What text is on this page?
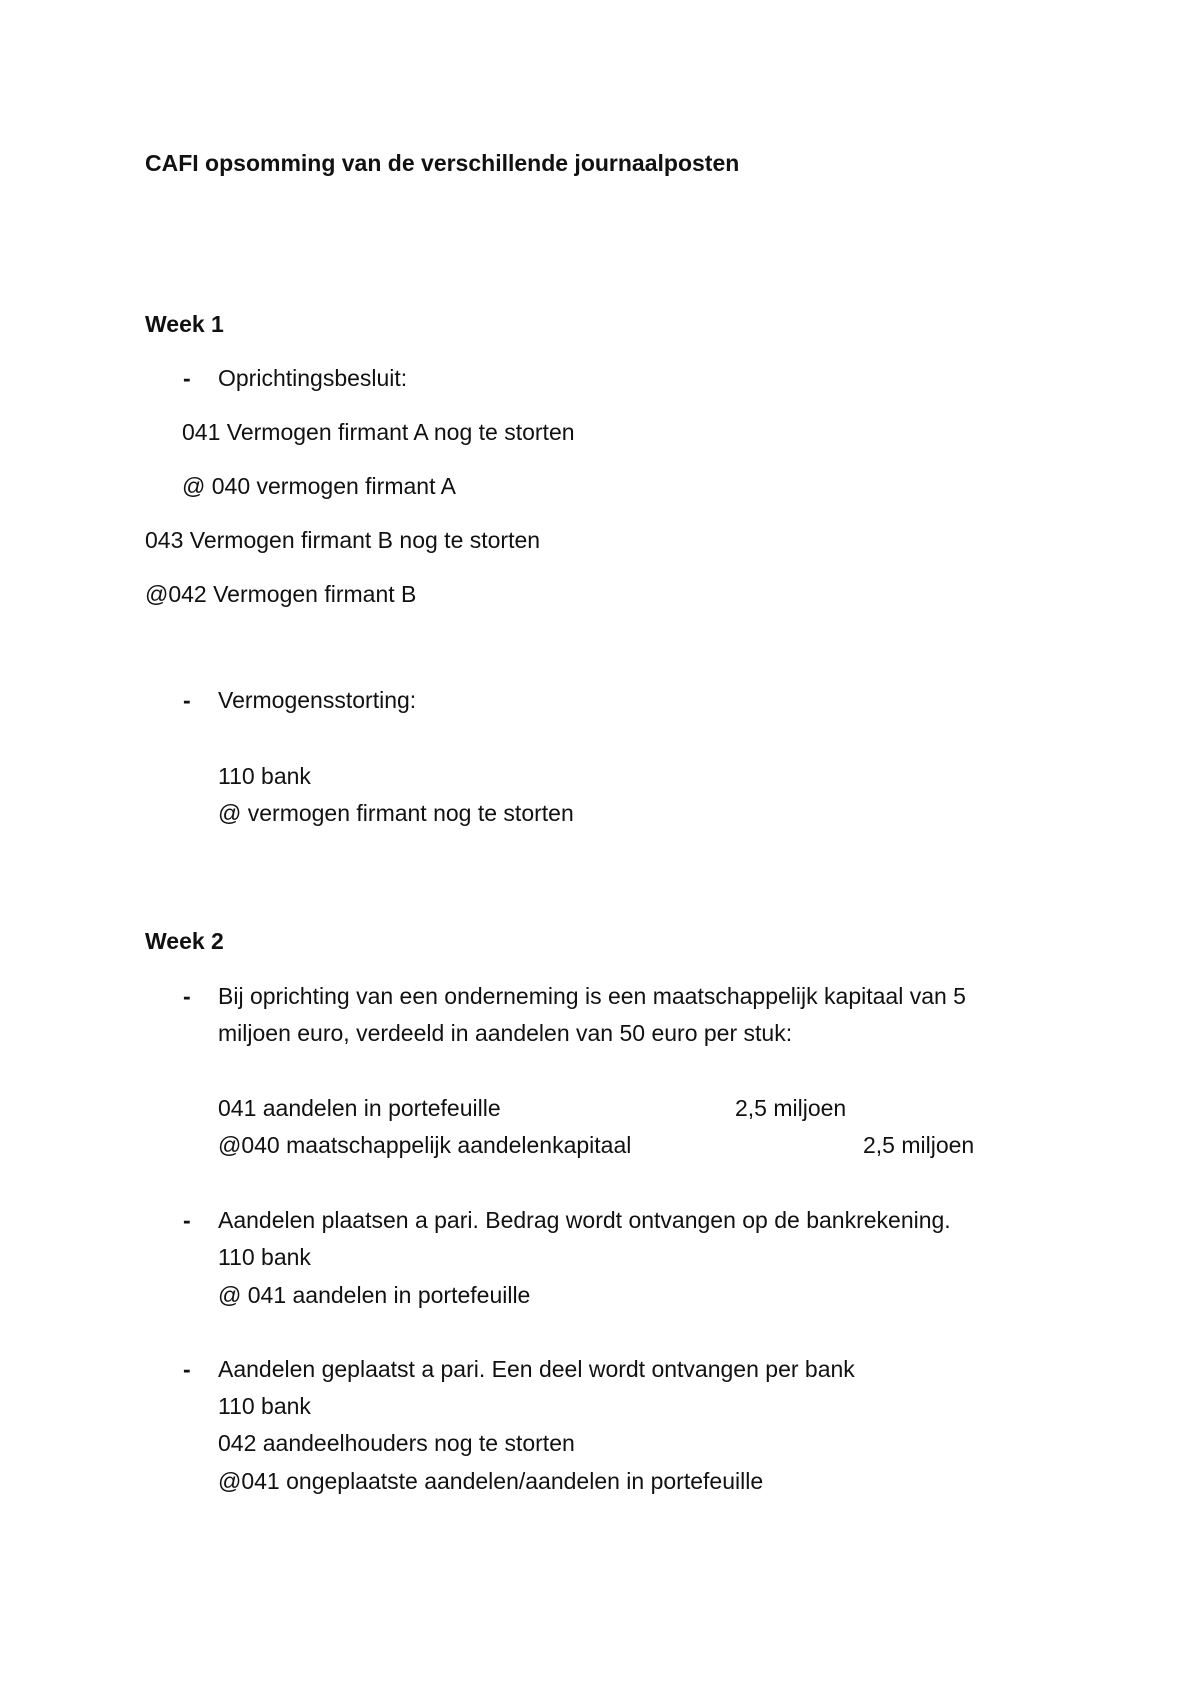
CAFI opsomming van de verschillende journaalposten
Week 1
- Oprichtingsbesluit:
041 Vermogen firmant A nog te storten
@ 040 vermogen firmant A
043 Vermogen firmant B nog te storten
@042 Vermogen firmant B
- Vermogensstorting:
110 bank
@ vermogen firmant nog te storten
Week 2
- Bij oprichting van een onderneming is een maatschappelijk kapitaal van 5
miljoen euro, verdeeld in aandelen van 50 euro per stuk:
041 aandelen in portefeuille	2,5 miljoen
@040 maatschappelijk aandelenkapitaal	2,5 miljoen
- Aandelen plaatsen a pari. Bedrag wordt ontvangen op de bankrekening.
110 bank
@ 041 aandelen in portefeuille
- Aandelen geplaatst a pari. Een deel wordt ontvangen per bank
110 bank
042 aandeelhouders nog te storten
@041 ongeplaatste aandelen/aandelen in portefeuille
